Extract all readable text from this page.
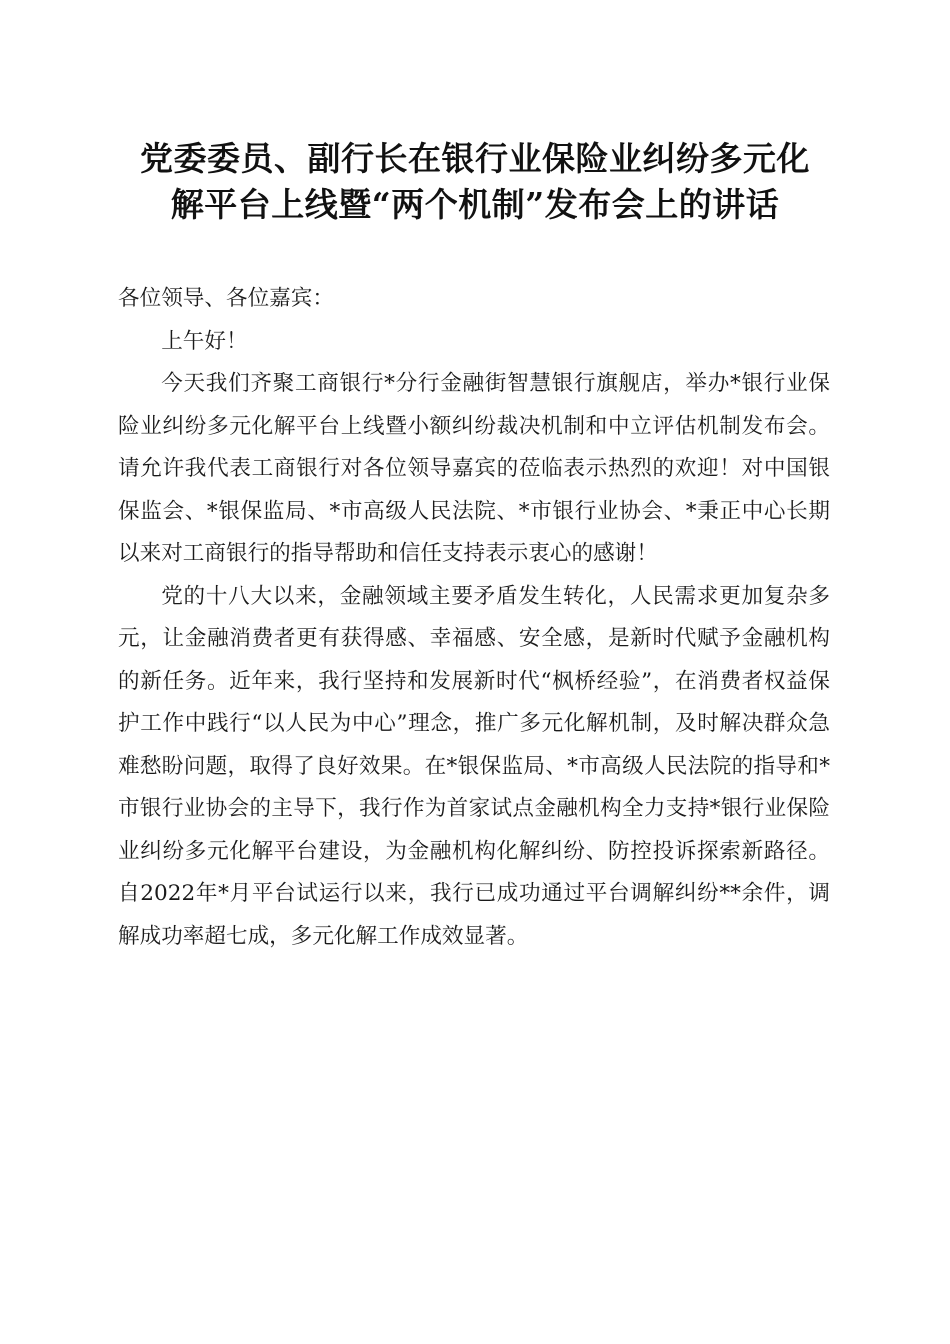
党委委员、副行长在银行业保险业纠纷多元化
解平台上线暨“两个机制”发布会上的讲话

各位领导、各位嘉宾：

上午好！

今天我们齐聚工商银行*分行金融街智慧银行旗舰店，举办*银行业保险业纠纷多元化解平台上线暨小额纠纷裁决机制和中立评估机制发布会。请允许我代表工商银行对各位领导嘉宾的莅临表示热烈的欢迎！对中国银保监会、*银保监局、*市高级人民法院、*市银行业协会、*秉正中心长期以来对工商银行的指导帮助和信任支持表示衷心的感谢！

党的十八大以来，金融领域主要矛盾发生转化，人民需求更加复杂多元，让金融消费者更有获得感、幸福感、安全感，是新时代赋予金融机构的新任务。近年来，我行坚持和发展新时代“枫桥经验”，在消费者权益保护工作中践行“以人民为中心”理念，推广多元化解机制，及时解决群众急难愁盼问题，取得了良好效果。在*银保监局、*市高级人民法院的指导和*市银行业协会的主导下，我行作为首家试点金融机构全力支持*银行业保险业纠纷多元化解平台建设，为金融机构化解纠纷、防控投诉探索新路径。自2022年*月平台试运行以来，我行已成功通过平台调解纠纷**余件，调解成功率超七成，多元化解工作成效显著。
